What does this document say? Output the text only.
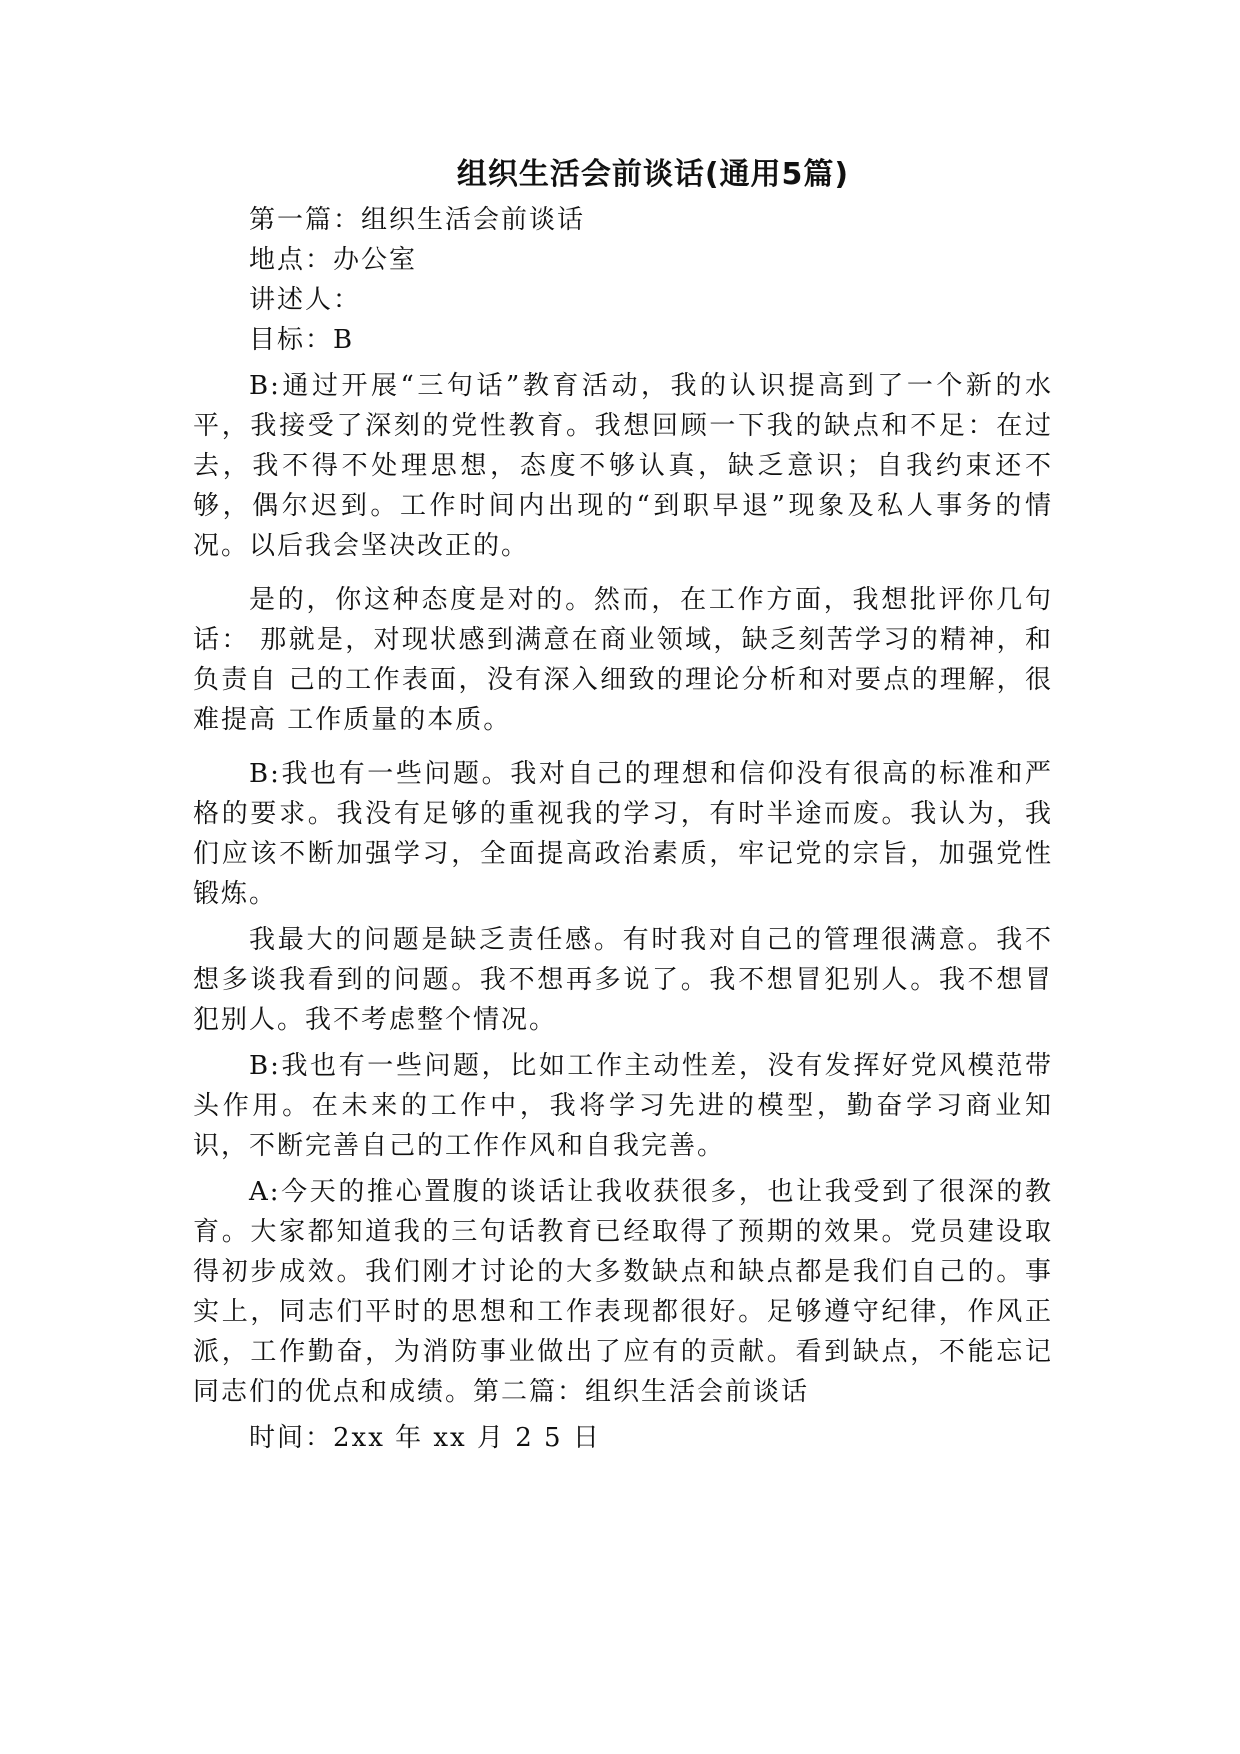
组织生活会前谈话(通用5篇)

第一篇：组织生活会前谈话

地点：办公室

讲述人：

目标：B

B:通过开展“三句话”教育活动，我的认识提高到了一个新的水平，我接受了深刻的党性教育。我想回顾一下我的缺点和不足：在过去，我不得不处理思想，态度不够认真，缺乏意识；自我约束还不够，偶尔迟到。工作时间内出现的“到职早退”现象及私人事务的情况。以后我会坚决改正的。

是的，你这种态度是对的。然而，在工作方面，我想批评你几句话： 那就是，对现状感到满意在商业领域，缺乏刻苦学习的精神，和负责自 己的工作表面，没有深入细致的理论分析和对要点的理解，很难提高 工作质量的本质。

B:我也有一些问题。我对自己的理想和信仰没有很高的标准和严格的要求。我没有足够的重视我的学习，有时半途而废。我认为，我们应该不断加强学习，全面提高政治素质，牢记党的宗旨，加强党性锻炼。

我最大的问题是缺乏责任感。有时我对自己的管理很满意。我不想多谈我看到的问题。我不想再多说了。我不想冒犯别人。我不想冒犯别人。我不考虑整个情况。

B:我也有一些问题，比如工作主动性差，没有发挥好党风模范带头作用。在未来的工作中，我将学习先进的模型，勤奋学习商业知识，不断完善自己的工作作风和自我完善。

A:今天的推心置腹的谈话让我收获很多，也让我受到了很深的教育。大家都知道我的三句话教育已经取得了预期的效果。党员建设取得初步成效。我们刚才讨论的大多数缺点和缺点都是我们自己的。事实上，同志们平时的思想和工作表现都很好。足够遵守纪律，作风正派，工作勤奋，为消防事业做出了应有的贡献。看到缺点，不能忘记同志们的优点和成绩。第二篇：组织生活会前谈话

时间：2xx 年 xx 月 2 5 日
